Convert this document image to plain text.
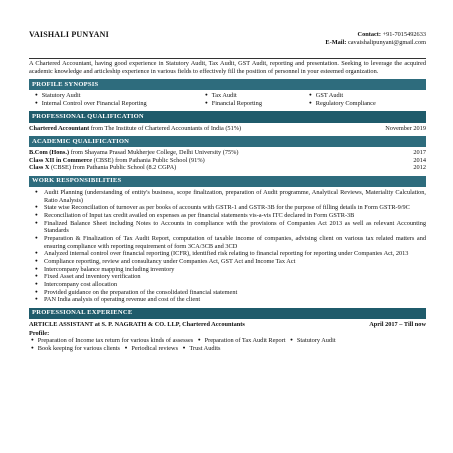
VAISHALI PUNYANI	Contact: +91-7015492633
E-Mail: cavaishalipunyani@gmail.com
A Chartered Accountant, having good experience in Statutory Audit, Tax Audit, GST Audit, reporting and presentation. Seeking to leverage the acquired academic knowledge and articleship experience in various fields to effectively fill the position of personnel in your esteemed organization.
PROFILE SYNOPSIS
● Statutory Audit	● Tax Audit	● GST Audit
● Internal Control over Financial Reporting	● Financial Reporting	● Regulatory Compliance
PROFESSIONAL QUALIFICATION
Chartered Accountant from The Institute of Chartered Accountants of India (51%)	November 2019
ACADEMIC QUALIFICATION
B.Com (Hons.) from Shayama Prasad Mukherjee College, Delhi University (75%)	2017
Class XII in Commerce (CBSE) from Pathania Public School (91%)	2014
Class X (CBSE) from Pathania Public School (8.2 CGPA)	2012
WORK RESPONSIBILITIES
● Audit Planning (understanding of entity's business, scope finalization, preparation of Audit programme, Analytical Reviews, Materiality Calculation, Ratio Analysis)
● State wise Reconciliation of turnover as per books of accounts with GSTR-1 and GSTR-3B for the purpose of filling details in Form GSTR-9/9C
● Reconciliation of Input tax credit availed on expenses as per financial statements vis-a-vis ITC declared in Form GSTR-3B
● Finalized Balance Sheet including Notes to Accounts in compliance with the provisions of Companies Act 2013 as well as relevant Accounting Standards
● Preparation & Finalization of Tax Audit Report, computation of taxable income of companies, advising client on various tax related matters and ensuring compliance with reporting requirement of form 3CA/3CB and 3CD
● Analyzed internal control over financial reporting (ICFR), identified risk relating to financial reporting for reporting under Companies Act, 2013
● Compliance reporting, review and consultancy under Companies Act, GST Act and Income Tax Act
● Intercompany balance mapping including inventory
● Fixed Asset and inventory verification
● Intercompany cost allocation
● Provided guidance on the preparation of the consolidated financial statement
● PAN India analysis of operating revenue and cost of the client
PROFESSIONAL EXPERIENCE
ARTICLE ASSISTANT at S. P. NAGRATH & CO. LLP, Chartered Accountants	April 2017 – Till now
Profile:
● Preparation of Income tax return for various kinds of assesses ● Preparation of Tax Audit Report ● Statutory Audit
● Book keeping for various clients ● Periodical reviews ● Trust Audits
